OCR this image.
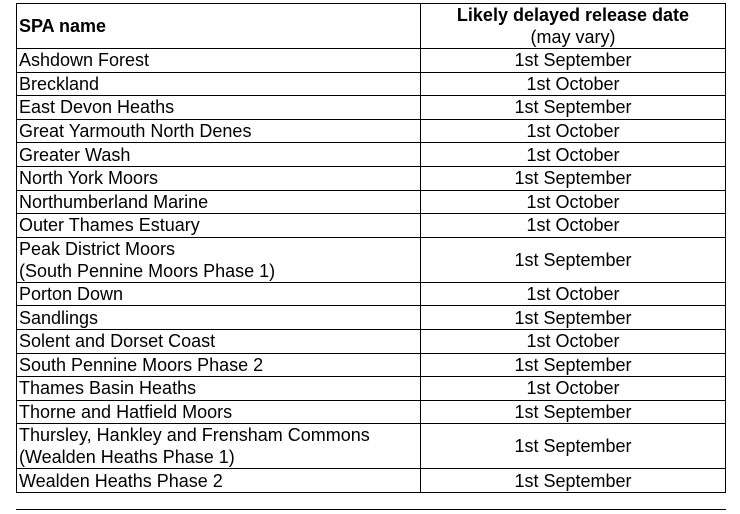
SPA name	Likely delayed release date
(may vary)

Ashdown Forest	1st September

Breckland	1st October

East Devon Heaths	1st September

Great Yarmouth North Denes	1st October

Greater Wash	1st October

North York Moors	1st September

Northumberland Marine	1st October

Outer Thames Estuary	1st October

Peak District Moors
(South Pennine Moors Phase 1)	1st September

Porton Down	1st October

Sandlings	1st September

Solent and Dorset Coast	1st October

South Pennine Moors Phase 2	1st September

Thames Basin Heaths	1st October

Thorne and Hatfield Moors	1st September

Thursley, Hankley and Frensham Commons
(Wealden Heaths Phase 1)	1st September

Wealden Heaths Phase 2	1st September
